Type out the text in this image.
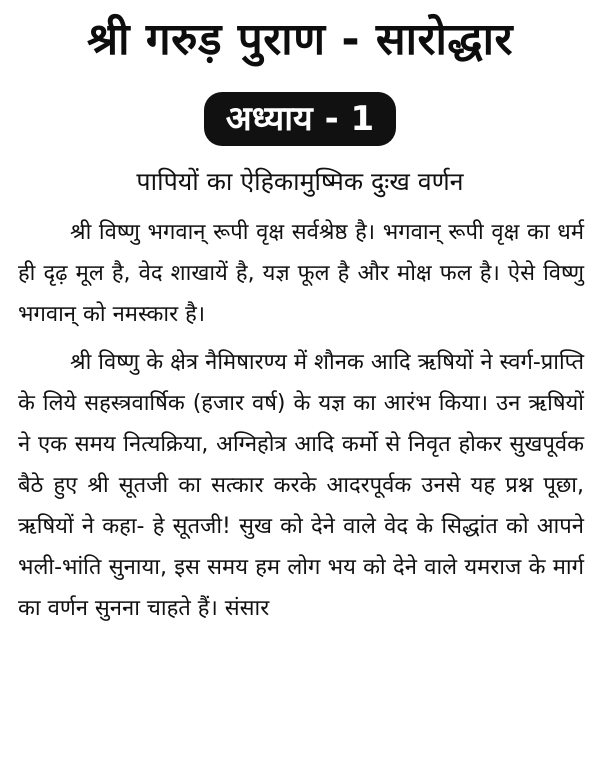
श्री गरुड़ पुराण - सारोद्धार
अध्याय - 1
पापियों का ऐहिकामुष्मिक दुःख वर्णन

श्री विष्णु भगवान् रूपी वृक्ष सर्वश्रेष्ठ है। भगवान् रूपी वृक्ष का धर्म ही दृढ़ मूल है, वेद शाखायें है, यज्ञ फूल है और मोक्ष फल है। ऐसे विष्णु भगवान् को नमस्कार है।

श्री विष्णु के क्षेत्र नैमिषारण्य में शौनक आदि ऋषियों ने स्वर्ग-प्राप्ति के लिये सहस्त्रवार्षिक (हजार वर्ष) के यज्ञ का आरंभ किया। उन ऋषियों ने एक समय नित्यक्रिया, अग्निहोत्र आदि कर्मो से निवृत होकर सुखपूर्वक बैठे हुए श्री सूतजी का सत्कार करके आदरपूर्वक उनसे यह प्रश्न पूछा, ऋषियों ने कहा- हे सूतजी! सुख को देने वाले वेद के सिद्धांत को आपने भली-भांति सुनाया, इस समय हम लोग भय को देने वाले यमराज के मार्ग का वर्णन सुनना चाहते हैं। संसार
